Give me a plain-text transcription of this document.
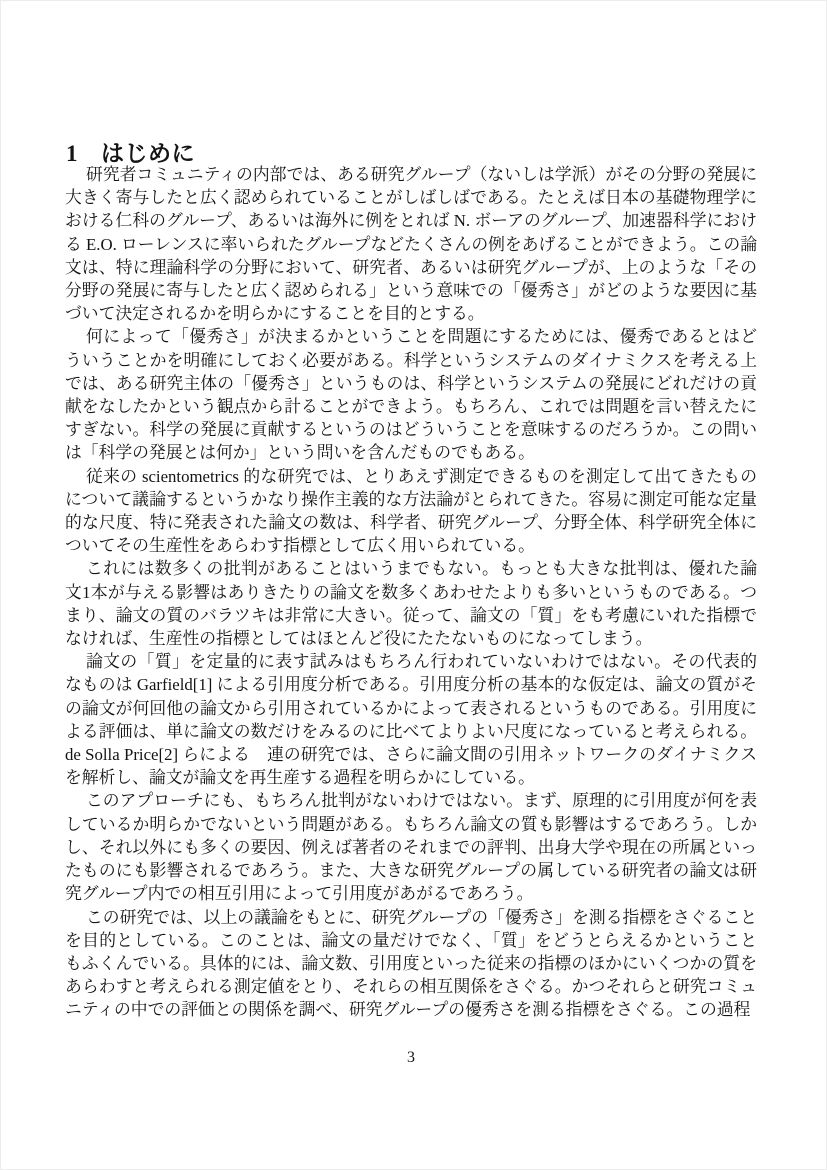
1 はじめに

研究者コミュニティの内部では、ある研究グループ（ないしは学派）がその分野の発展に大きく寄与したと広く認められていることがしばしばである。たとえば日本の基礎物理学における仁科のグループ、あるいは海外に例をとれば N. ボーアのグループ、加速器科学における E.O. ローレンスに率いられたグループなどたくさんの例をあげることができよう。この論文は、特に理論科学の分野において、研究者、あるいは研究グループが、上のような「その分野の発展に寄与したと広く認められる」という意味での「優秀さ」がどのような要因に基づいて決定されるかを明らかにすることを目的とする。

何によって「優秀さ」が決まるかということを問題にするためには、優秀であるとはどういうことかを明確にしておく必要がある。科学というシステムのダイナミクスを考える上では、ある研究主体の「優秀さ」というものは、科学というシステムの発展にどれだけの貢献をなしたかという観点から計ることができよう。もちろん、これでは問題を言い替えたにすぎない。科学の発展に貢献するというのはどういうことを意味するのだろうか。この問いは「科学の発展とは何か」という問いを含んだものでもある。

従来の scientometrics 的な研究では、とりあえず測定できるものを測定して出てきたものについて議論するというかなり操作主義的な方法論がとられてきた。容易に測定可能な定量的な尺度、特に発表された論文の数は、科学者、研究グループ、分野全体、科学研究全体についてその生産性をあらわす指標として広く用いられている。

これには数多くの批判があることはいうまでもない。もっとも大きな批判は、優れた論文1本が与える影響はありきたりの論文を数多くあわせたよりも多いというものである。つまり、論文の質のバラツキは非常に大きい。従って、論文の「質」をも考慮にいれた指標でなければ、生産性の指標としてはほとんど役にたたないものになってしまう。

論文の「質」を定量的に表す試みはもちろん行われていないわけではない。その代表的なものは Garfield[1] による引用度分析である。引用度分析の基本的な仮定は、論文の質がその論文が何回他の論文から引用されているかによって表されるというものである。引用度による評価は、単に論文の数だけをみるのに比べてよりよい尺度になっていると考えられる。de Solla Price[2] らによる　連の研究では、さらに論文間の引用ネットワークのダイナミクスを解析し、論文が論文を再生産する過程を明らかにしている。

このアプローチにも、もちろん批判がないわけではない。まず、原理的に引用度が何を表しているか明らかでないという問題がある。もちろん論文の質も影響はするであろう。しかし、それ以外にも多くの要因、例えば著者のそれまでの評判、出身大学や現在の所属といったものにも影響されるであろう。また、大きな研究グループの属している研究者の論文は研究グループ内での相互引用によって引用度があがるであろう。

この研究では、以上の議論をもとに、研究グループの「優秀さ」を測る指標をさぐることを目的としている。このことは、論文の量だけでなく、「質」をどうとらえるかということもふくんでいる。具体的には、論文数、引用度といった従来の指標のほかにいくつかの質をあらわすと考えられる測定値をとり、それらの相互関係をさぐる。かつそれらと研究コミュニティの中での評価との関係を調べ、研究グループの優秀さを測る指標をさぐる。この過程

3
